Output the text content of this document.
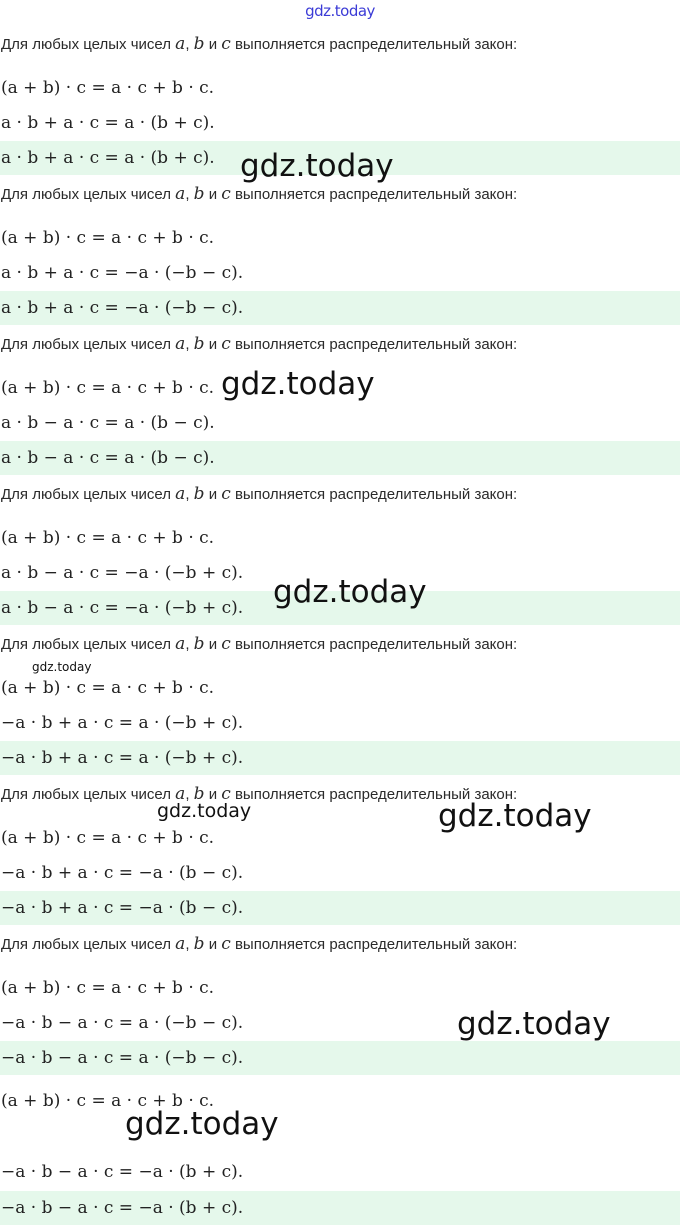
gdz.today
Для любых целых чисел a, b и c выполняется распределительный закон:
(a + b) · c = a · c + b · c.
a · b + a · c = a · (b + c).
a · b + a · c = a · (b + c).
Для любых целых чисел a, b и c выполняется распределительный закон:
(a + b) · c = a · c + b · c.
a · b + a · c = −a · (−b − c).
a · b + a · c = −a · (−b − c).
Для любых целых чисел a, b и c выполняется распределительный закон:
(a + b) · c = a · c + b · c.
a · b − a · c = a · (b − c).
a · b − a · c = a · (b − c).
Для любых целых чисел a, b и c выполняется распределительный закон:
(a + b) · c = a · c + b · c.
a · b − a · c = −a · (−b + c).
a · b − a · c = −a · (−b + c).
Для любых целых чисел a, b и c выполняется распределительный закон:
(a + b) · c = a · c + b · c.
−a · b + a · c = a · (−b + c).
−a · b + a · c = a · (−b + c).
Для любых целых чисел a, b и c выполняется распределительный закон:
(a + b) · c = a · c + b · c.
−a · b + a · c = −a · (b − c).
−a · b + a · c = −a · (b − c).
Для любых целых чисел a, b и c выполняется распределительный закон:
(a + b) · c = a · c + b · c.
−a · b − a · c = a · (−b − c).
−a · b − a · c = a · (−b − c).
(a + b) · c = a · c + b · c.
−a · b − a · c = −a · (b + c).
−a · b − a · c = −a · (b + c).
gdz.today
gdz.today
gdz.today
gdz.today
gdz.today	gdz.today
gdz.today
gdz.today
